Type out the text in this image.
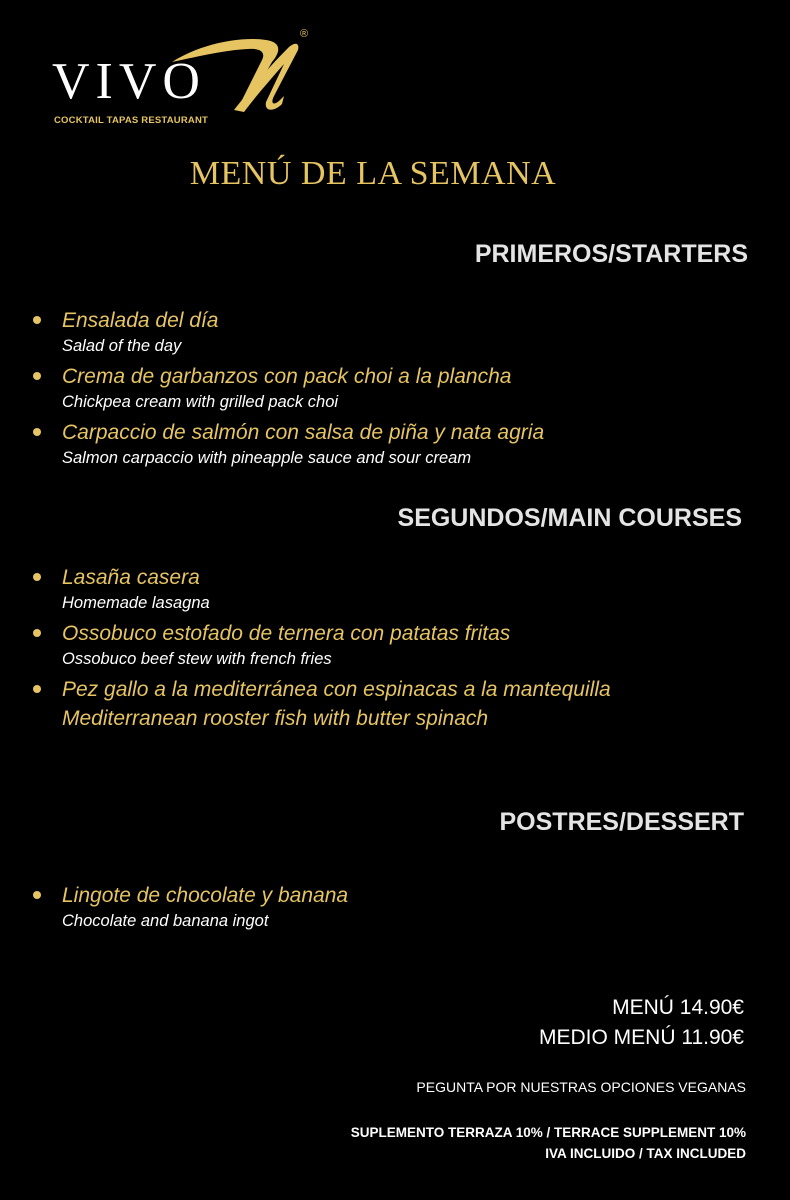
VIVO
®
COCKTAIL TAPAS RESTAURANT
MENÚ DE LA SEMANA
PRIMEROS/STARTERS
Ensalada del día
Salad of the day
Crema de garbanzos con pack choi a la plancha
Chickpea cream with grilled pack choi
Carpaccio de salmón con salsa de piña y nata agria
Salmon carpaccio with pineapple sauce and sour cream
SEGUNDOS/MAIN COURSES
Lasaña casera
Homemade lasagna
Ossobuco estofado de ternera con patatas fritas
Ossobuco beef stew with french fries
Pez gallo a la mediterránea con espinacas a la mantequilla
Mediterranean rooster fish with butter spinach
POSTRES/DESSERT
Lingote de chocolate y banana
Chocolate and banana ingot
MENÚ 14.90€
MEDIO MENÚ 11.90€
PEGUNTA POR NUESTRAS OPCIONES VEGANAS
SUPLEMENTO TERRAZA 10% / TERRACE SUPPLEMENT 10%
IVA INCLUIDO / TAX INCLUDED
